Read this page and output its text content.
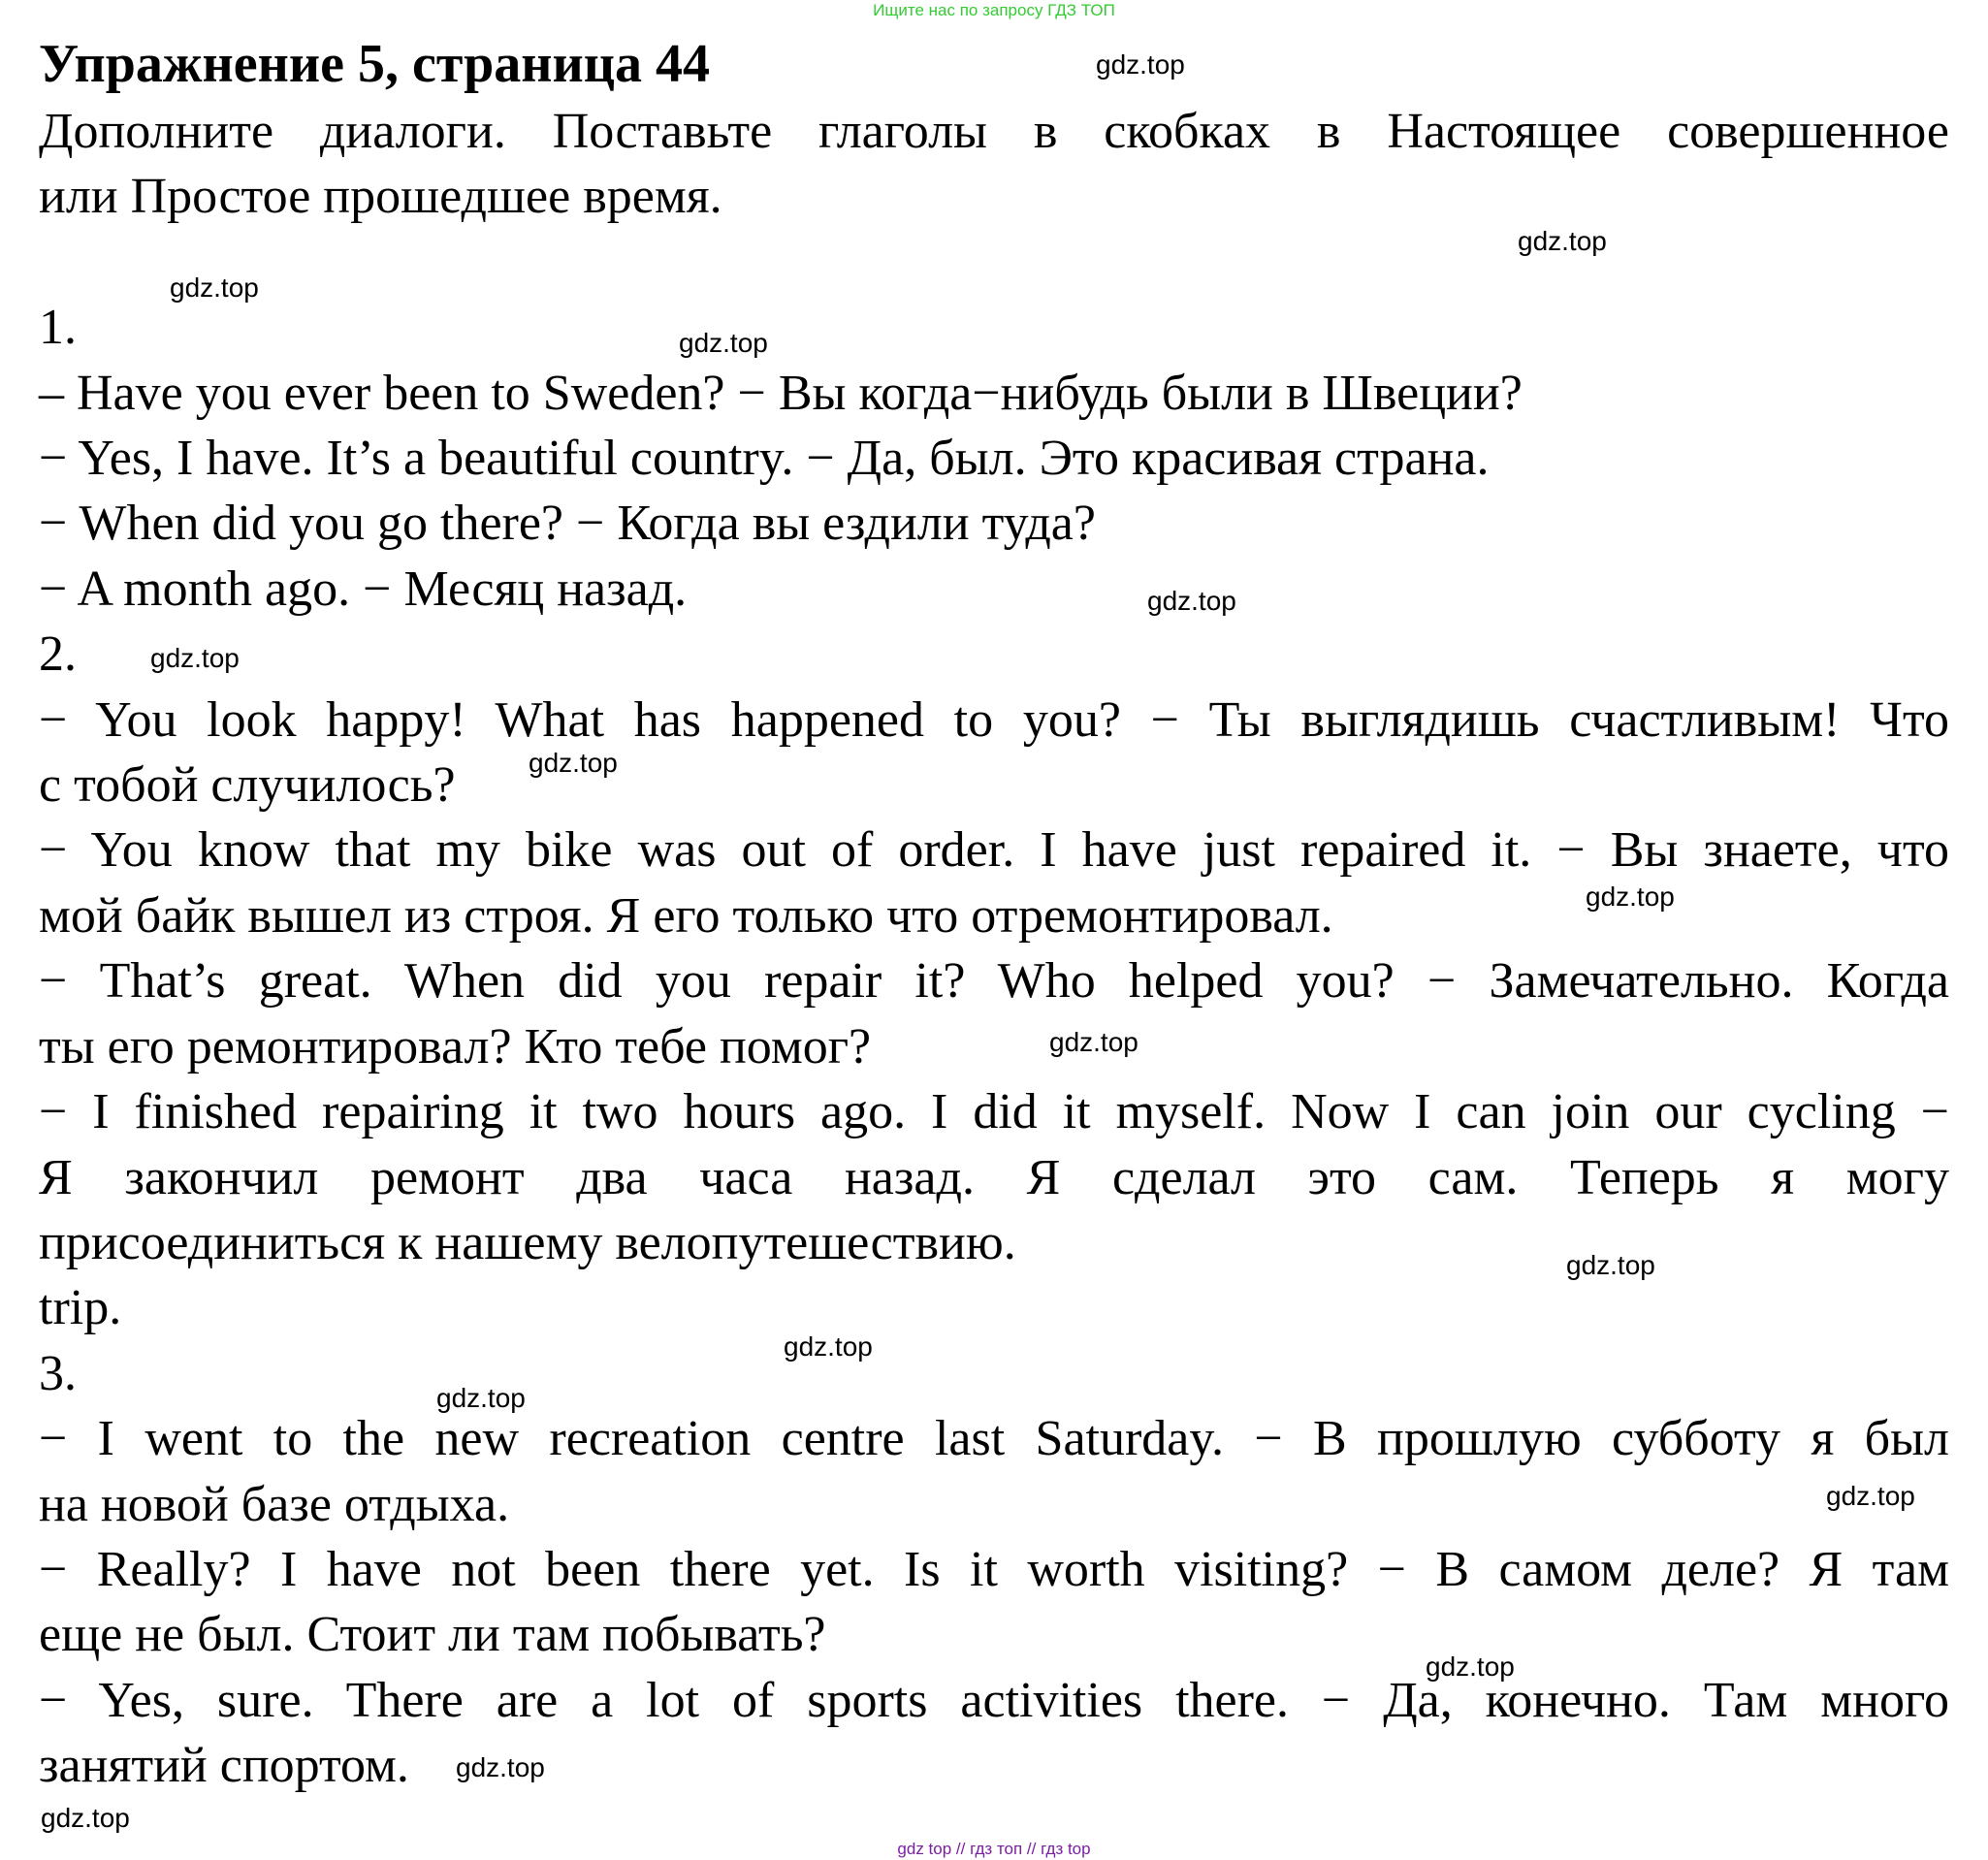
Ищите нас по запросу ГДЗ ТОП
Упражнение 5, страница 44

Дополните диалоги. Поставьте глаголы в скобках в Настоящее совершенное

или Простое прошедшее время.

1.

– Have you ever been to Sweden? − Вы когда−нибудь были в Швеции?

− Yes, I have. It’s a beautiful country. − Да, был. Это красивая страна.

− When did you go there? − Когда вы ездили туда?

− A month ago. − Месяц назад.

2.

− You look happy! What has happened to you? − Ты выглядишь счастливым! Что

с тобой случилось?

− You know that my bike was out of order. I have just repaired it. − Вы знаете, что

мой байк вышел из строя. Я его только что отремонтировал.

− That’s great. When did you repair it? Who helped you? − Замечательно. Когда

ты его ремонтировал? Кто тебе помог?

− I finished repairing it two hours ago. I did it myself. Now I can join our cycling −

Я закончил ремонт два часа назад. Я сделал это сам. Теперь я могу

присоединиться к нашему велопутешествию.

trip.

3.

− I went to the new recreation centre last Saturday. − В прошлую субботу я был

на новой базе отдыха.

− Really? I have not been there yet. Is it worth visiting? − В самом деле? Я там

еще не был. Стоит ли там побывать?

− Yes, sure. There are a lot of sports activities there. − Да, конечно. Там много

занятий спортом.

gdz.top
gdz.top
gdz.top
gdz.top
gdz.top
gdz.top
gdz.top
gdz.top
gdz.top
gdz.top
gdz.top
gdz.top
gdz.top
gdz.top
gdz.top
gdz.top
gdz top // гдз топ // гдз top
